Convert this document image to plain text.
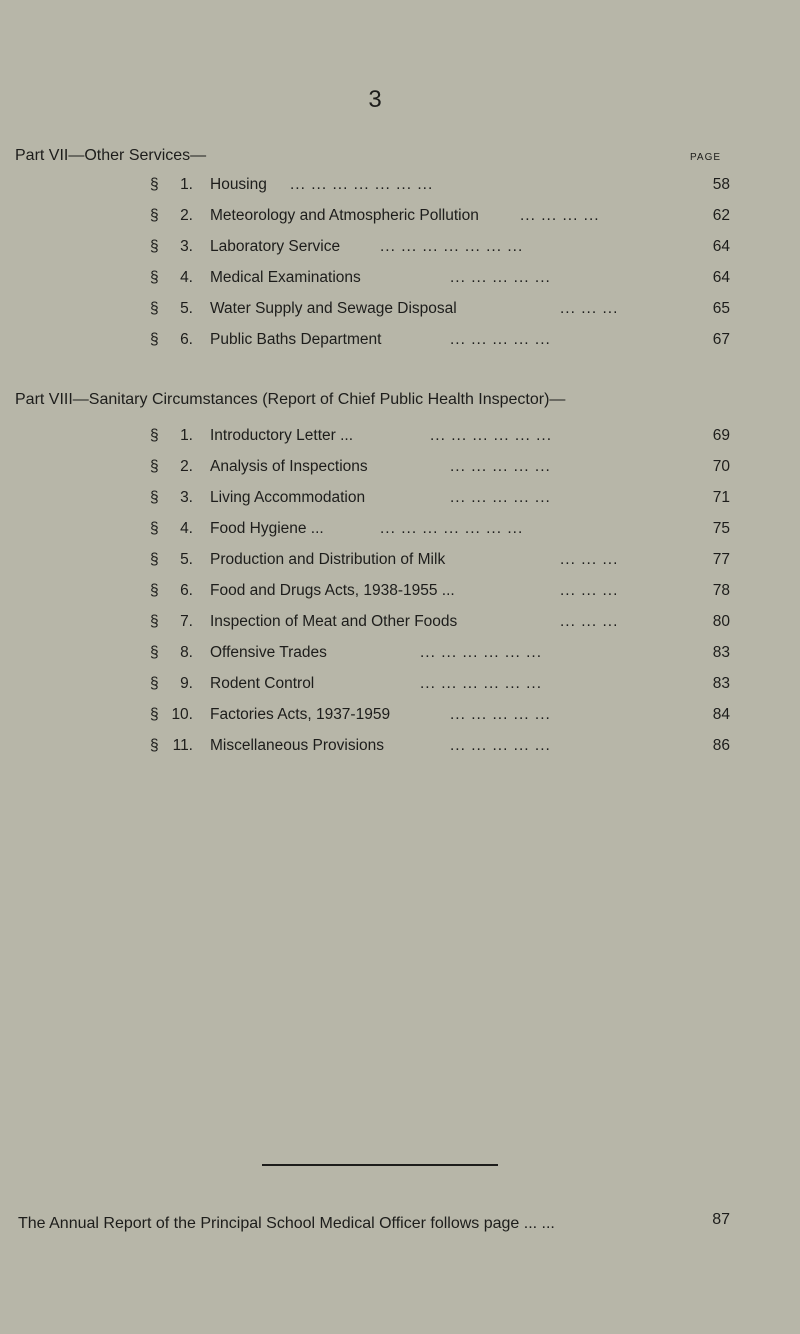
3
Part VII—Other Services—	PAGE
§	1. Housing ... ... ... ... ... ... ...	58
§	2. Meteorology and Atmospheric Pollution	... ... ... ...	62
§	3. Laboratory Service	... ... ... ... ... ... ...	64
§	4. Medical Examinations	... ... ... ... ...	64
§	5. Water Supply and Sewage Disposal	... ... ...	65
§	6. Public Baths Department	... ... ... ... ...	67
Part VIII—Sanitary Circumstances (Report of Chief Public Health Inspector)—
§	1. Introductory Letter ...	... ... ... ... ... ...	69
§	2. Analysis of Inspections	... ... ... ... ...	70
§	3. Living Accommodation	... ... ... ... ...	71
§	4. Food Hygiene ...	... ... ... ... ... ... ...	75
§	5. Production and Distribution of Milk	... ... ...	77
§	6. Food and Drugs Acts, 1938-1955 ...	... ... ...	78
§	7. Inspection of Meat and Other Foods	... ... ...	80
§	8. Offensive Trades	... ... ... ... ... ...	83
§	9. Rodent Control	... ... ... ... ... ...	83
§ 10. Factories Acts, 1937-1959	... ... ... ... ...	84
§ 11. Miscellaneous Provisions	... ... ... ... ...	86
The Annual Report of the Principal School Medical Officer follows page ... ...	87
